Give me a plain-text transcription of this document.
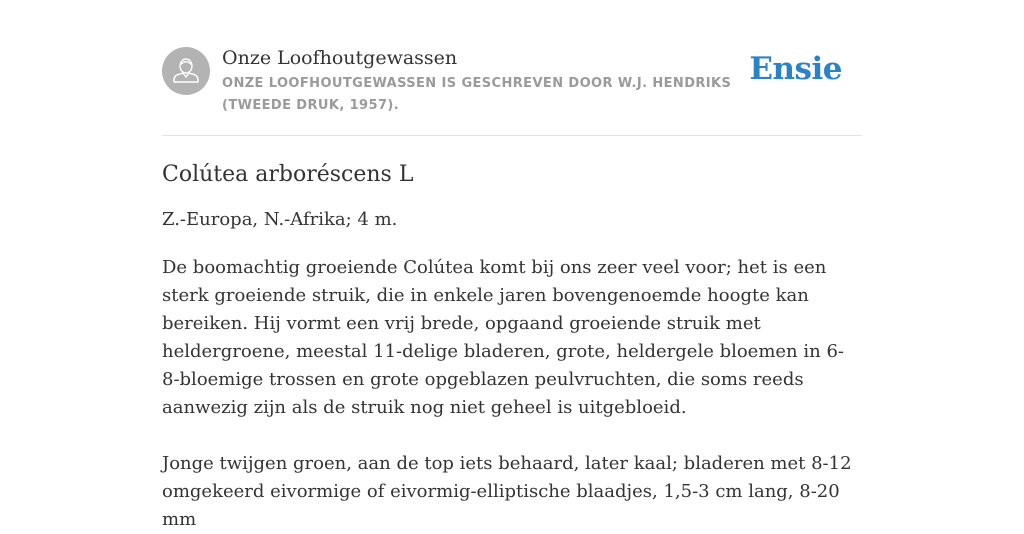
Onze Loofhoutgewassen
ONZE LOOFHOUTGEWASSEN IS GESCHREVEN DOOR W.J. HENDRIKS (TWEEDE DRUK, 1957).
Ensie
Colútea arboréscens L

Z.-Europa, N.-Afrika; 4 m.

De boomachtig groeiende Colútea komt bij ons zeer veel voor; het is een sterk groeiende struik, die in enkele jaren bovengenoemde hoogte kan bereiken. Hij vormt een vrij brede, opgaand groeiende struik met heldergroene, meestal 11-delige bladeren, grote, heldergele bloemen in 6-8-bloemige trossen en grote opgeblazen peulvruchten, die soms reeds aanwezig zijn als de struik nog niet geheel is uitgebloeid.

Jonge twijgen groen, aan de top iets behaard, later kaal; bladeren met 8-12 omgekeerd eivormige of eivormig-elliptische blaadjes, 1,5-3 cm lang, 8-20 mm
